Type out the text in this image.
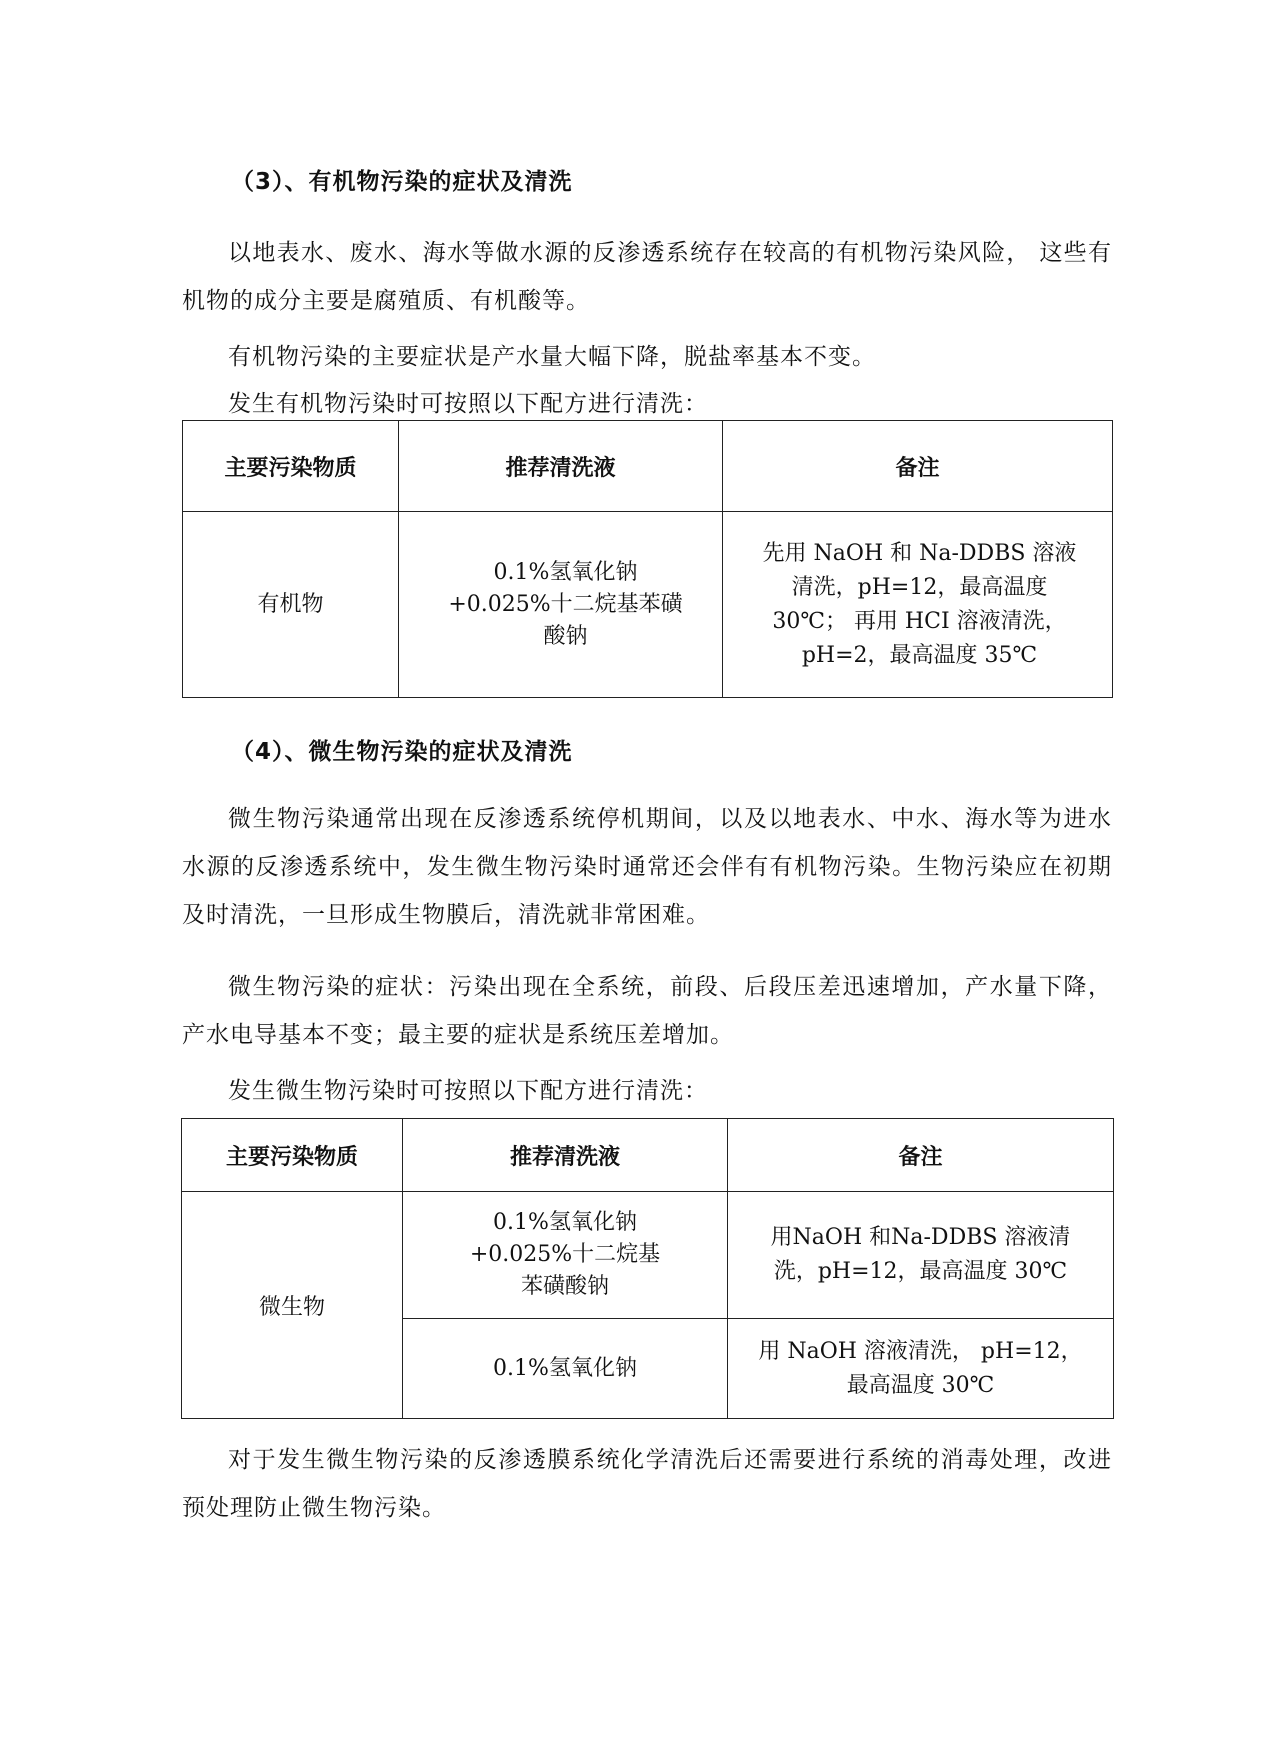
（3）、有机物污染的症状及清洗
以地表水、废水、海水等做水源的反渗透系统存在较高的有机物污染风险， 这些有机物的成分主要是腐殖质、有机酸等。
有机物污染的主要症状是产水量大幅下降，脱盐率基本不变。
发生有机物污染时可按照以下配方进行清洗：
主要污染物质	推荐清洗液	备注
有机物	0.1%氢氧化钠+0.025%十二烷基苯磺酸钠	先用 NaOH 和 Na-DDBS 溶液清洗，pH=12，最高温度30℃； 再用 HCI 溶液清洗，pH=2，最高温度 35℃
（4）、微生物污染的症状及清洗
微生物污染通常出现在反渗透系统停机期间，以及以地表水、中水、海水等为进水水源的反渗透系统中，发生微生物污染时通常还会伴有有机物污染。生物污染应在初期及时清洗，一旦形成生物膜后，清洗就非常困难。
微生物污染的症状：污染出现在全系统，前段、后段压差迅速增加，产水量下降，产水电导基本不变；最主要的症状是系统压差增加。
发生微生物污染时可按照以下配方进行清洗：
主要污染物质	推荐清洗液	备注
微生物	0.1%氢氧化钠+0.025%十二烷基苯磺酸钠	用NaOH 和Na-DDBS 溶液清洗，pH=12，最高温度 30℃
	0.1%氢氧化钠	用 NaOH 溶液清洗， pH=12，最高温度 30℃
对于发生微生物污染的反渗透膜系统化学清洗后还需要进行系统的消毒处理，改进预处理防止微生物污染。
